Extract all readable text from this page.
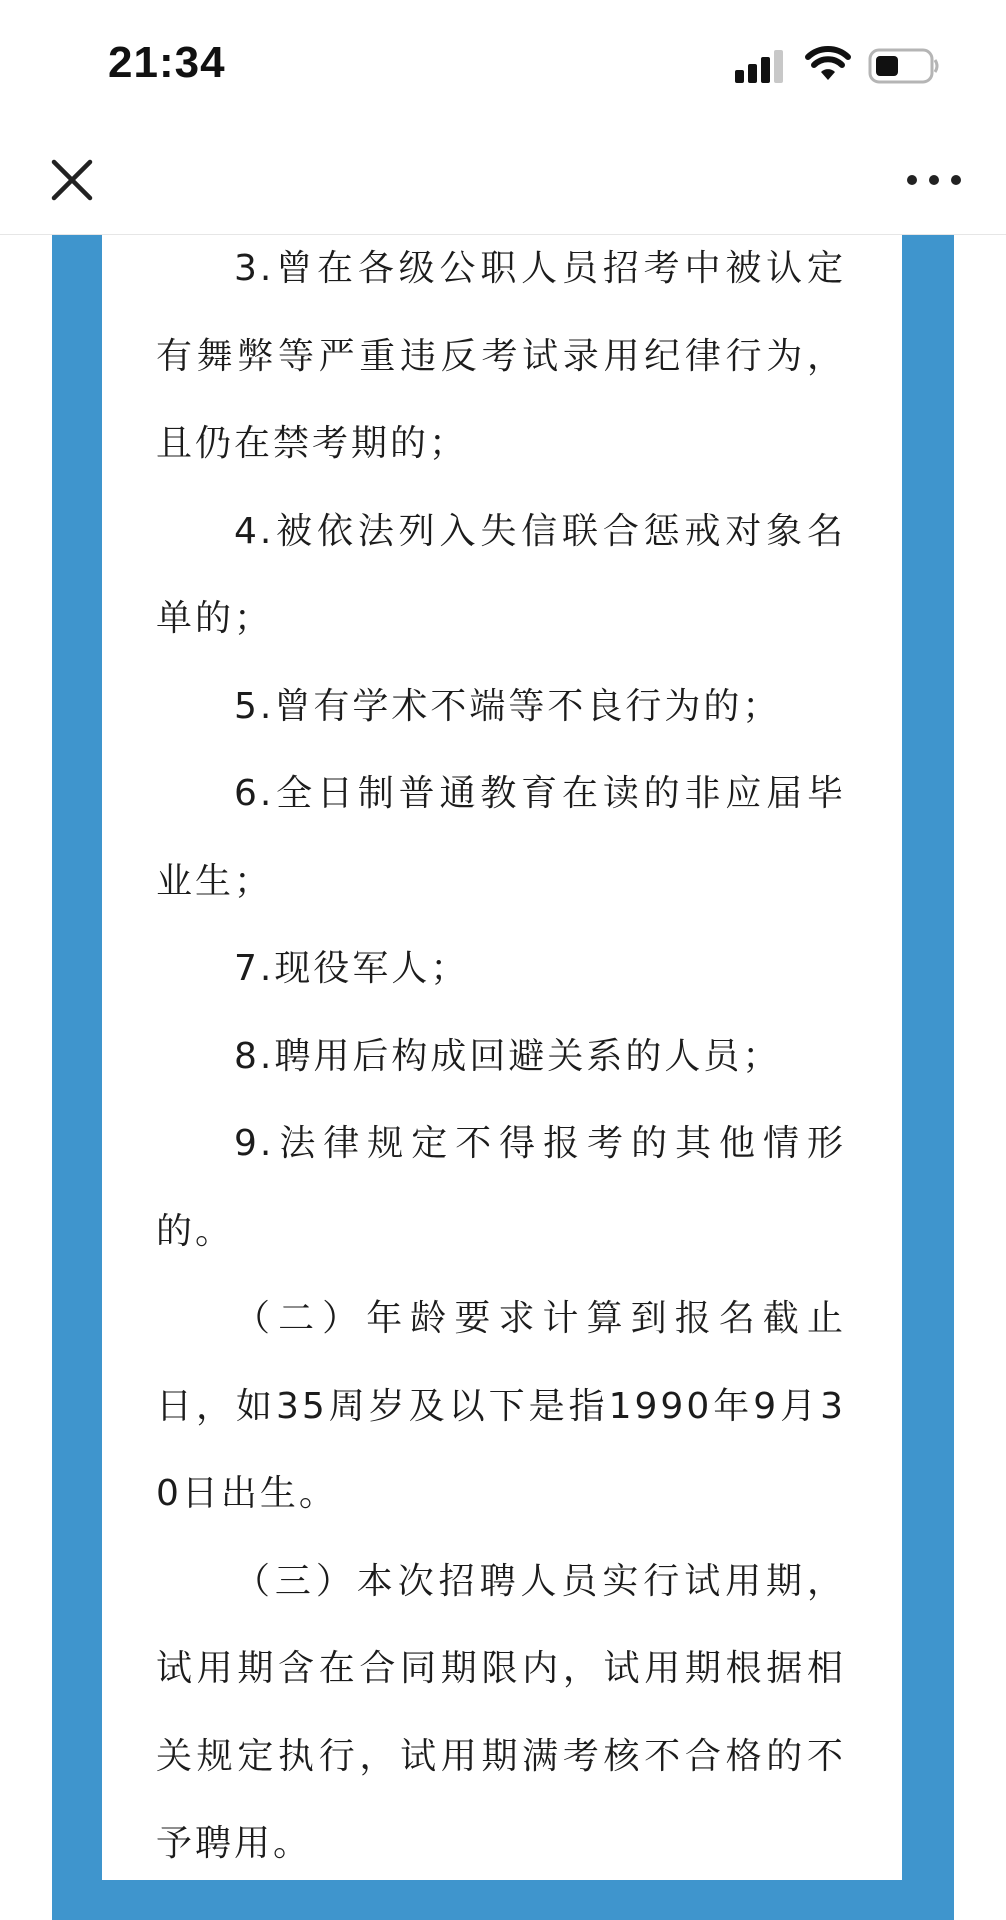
21:34

3.曾在各级公职人员招考中被认定有舞弊等严重违反考试录用纪律行为，且仍在禁考期的；

4.被依法列入失信联合惩戒对象名单的；

5.曾有学术不端等不良行为的；

6.全日制普通教育在读的非应届毕业生；

7.现役军人；

8.聘用后构成回避关系的人员；

9.法律规定不得报考的其他情形的。

（二）年龄要求计算到报名截止日，如35周岁及以下是指1990年9月30日出生。

（三）本次招聘人员实行试用期，试用期含在合同期限内，试用期根据相关规定执行，试用期满考核不合格的不予聘用。
